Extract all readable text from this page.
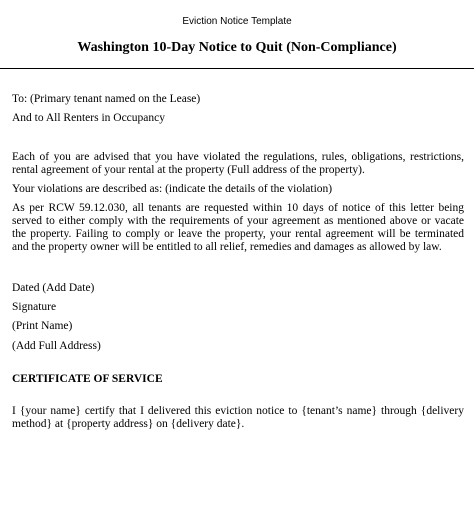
Eviction Notice Template
Washington 10-Day Notice to Quit (Non-Compliance)
To: (Primary tenant named on the Lease)
And to All Renters in Occupancy
Each of you are advised that you have violated the regulations, rules, obligations, restrictions, rental agreement of your rental at the property (Full address of the property).
Your violations are described as: (indicate the details of the violation)
As per RCW 59.12.030, all tenants are requested within 10 days of notice of this letter being served to either comply with the requirements of your agreement as mentioned above or vacate the property. Failing to comply or leave the property, your rental agreement will be terminated and the property owner will be entitled to all relief, remedies and damages as allowed by law.
Dated (Add Date)
Signature
(Print Name)
(Add Full Address)
CERTIFICATE OF SERVICE
I {your name} certify that I delivered this eviction notice to {tenant’s name} through {delivery method} at {property address} on {delivery date}.
